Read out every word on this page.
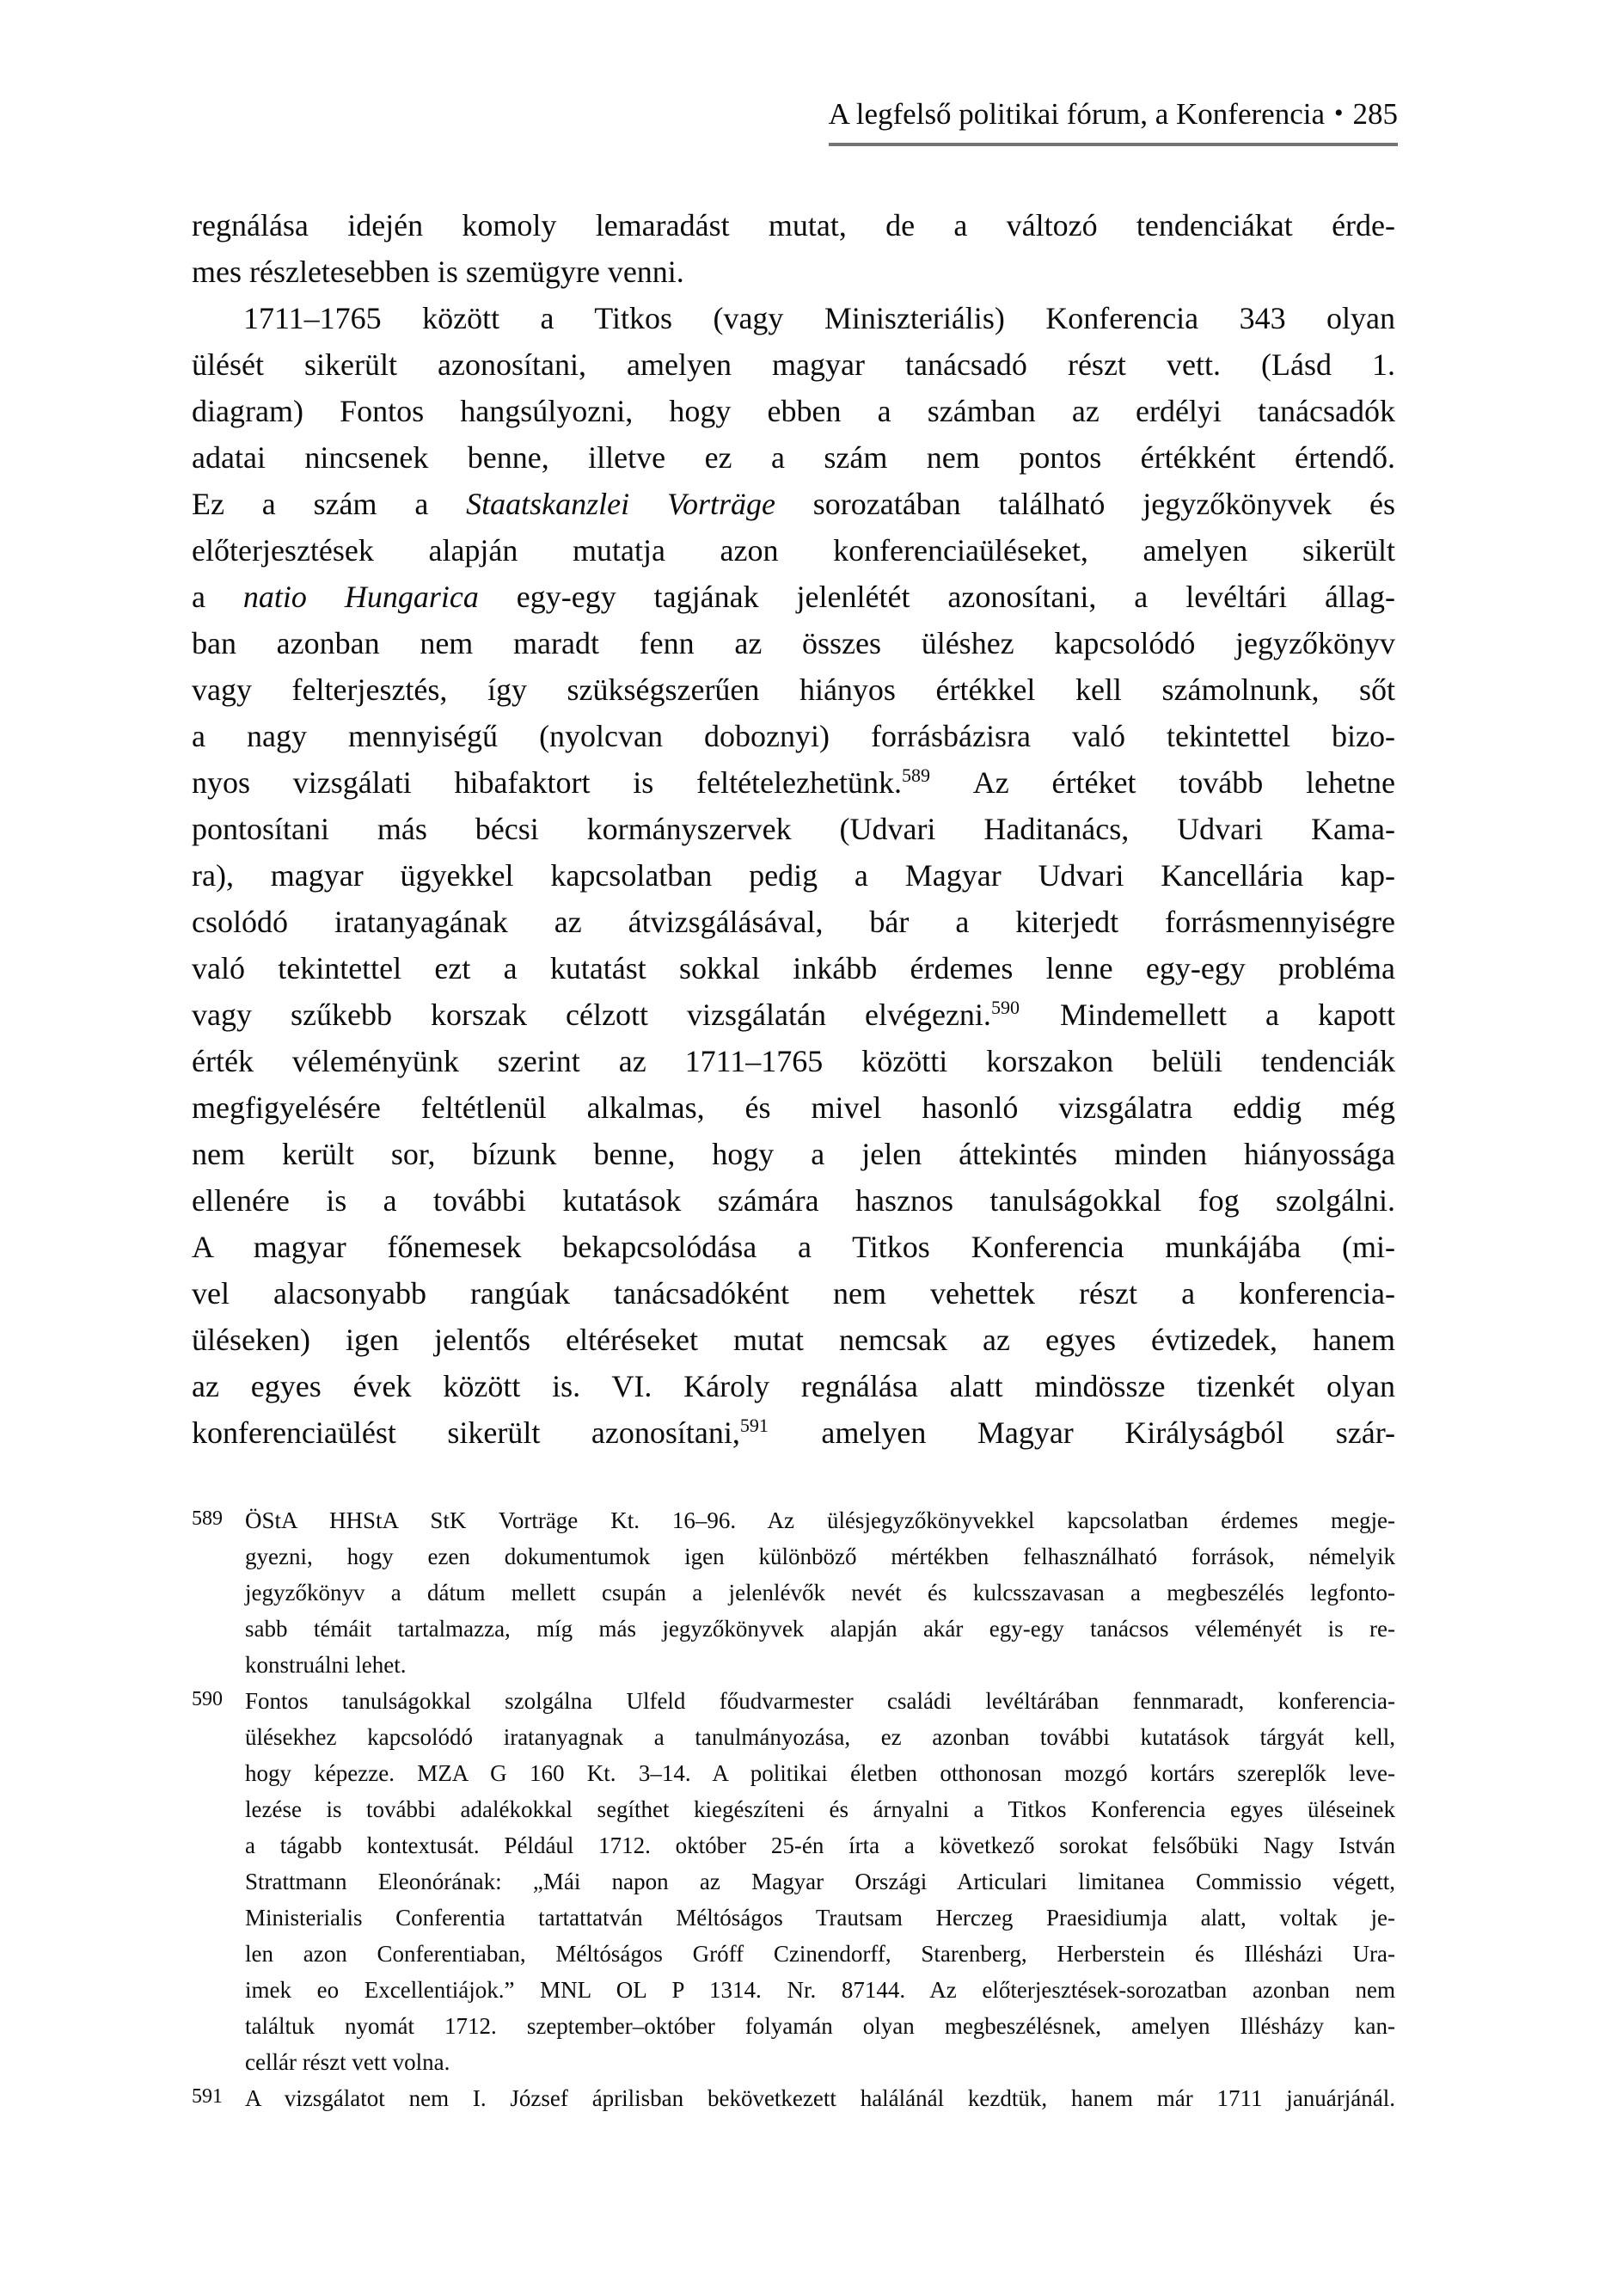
A legfelső politikai fórum, a Konferencia • 285
regnálása idején komoly lemaradást mutat, de a változó tendenciákat érde-
mes részletesebben is szemügyre venni.
1711–1765 között a Titkos (vagy Miniszteriális) Konferencia 343 olyan
ülését sikerült azonosítani, amelyen magyar tanácsadó részt vett. (Lásd 1.
diagram) Fontos hangsúlyozni, hogy ebben a számban az erdélyi tanácsadók
adatai nincsenek benne, illetve ez a szám nem pontos értékként értendő.
Ez a szám a Staatskanzlei Vorträge sorozatában található jegyzőkönyvek és
előterjesztések alapján mutatja azon konferenciaüléseket, amelyen sikerült
a natio Hungarica egy-egy tagjának jelenlétét azonosítani, a levéltári állag-
ban azonban nem maradt fenn az összes üléshez kapcsolódó jegyzőkönyv
vagy felterjesztés, így szükségszerűen hiányos értékkel kell számolnunk, sőt
a nagy mennyiségű (nyolcvan doboznyi) forrásbázisra való tekintettel bizo-
nyos vizsgálati hibafaktort is feltételezhetünk.$^{589}$ Az értéket tovább lehetne
pontosítani más bécsi kormányszervek (Udvari Haditanács, Udvari Kama-
ra), magyar ügyekkel kapcsolatban pedig a Magyar Udvari Kancellária kap-
csolódó iratanyagának az átvizsgálásával, bár a kiterjedt forrásmennyiségre
való tekintettel ezt a kutatást sokkal inkább érdemes lenne egy-egy probléma
vagy szűkebb korszak célzott vizsgálatán elvégezni.$^{590}$ Mindemellett a kapott
érték véleményünk szerint az 1711–1765 közötti korszakon belüli tendenciák
megfigyelésére feltétlenül alkalmas, és mivel hasonló vizsgálatra eddig még
nem került sor, bízunk benne, hogy a jelen áttekintés minden hiányossága
ellenére is a további kutatások számára hasznos tanulságokkal fog szolgálni.
A magyar főnemesek bekapcsolódása a Titkos Konferencia munkájába (mi-
vel alacsonyabb rangúak tanácsadóként nem vehettek részt a konferencia-
üléseken) igen jelentős eltéréseket mutat nemcsak az egyes évtizedek, hanem
az egyes évek között is. VI. Károly regnálása alatt mindössze tizenkét olyan
konferenciaülést sikerült azonosítani,$^{591}$ amelyen Magyar Királyságból szár-
589 ÖStA HHStA StK Vorträge Kt. 16–96. Az ülésjegyzőkönyvekkel kapcsolatban érdemes megje-
gyezni, hogy ezen dokumentumok igen különböző mértékben felhasználható források, némelyik
jegyzőkönyv a dátum mellett csupán a jelenlévők nevét és kulcsszavasan a megbeszélés legfonto-
sabb témáit tartalmazza, míg más jegyzőkönyvek alapján akár egy-egy tanácsos véleményét is re-
konstruálni lehet.
590 Fontos tanulságokkal szolgálna Ulfeld főudvarmester családi levéltárában fennmaradt, konferencia-
ülésekhez kapcsolódó iratanyagnak a tanulmányozása, ez azonban további kutatások tárgyát kell,
hogy képezze. MZA G 160 Kt. 3–14. A politikai életben otthonosan mozgó kortárs szereplők leve-
lezése is további adalékokkal segíthet kiegészíteni és árnyalni a Titkos Konferencia egyes üléseinek
a tágabb kontextusát. Például 1712. október 25-én írta a következő sorokat felsőbüki Nagy István
Strattmann Eleonórának: „Mái napon az Magyar Országi Articulari limitanea Commissio végett,
Ministerialis Conferentia tartattatván Méltóságos Trautsam Herczeg Praesidiumja alatt, voltak je-
len azon Conferentiaban, Méltóságos Gróff Czinendorff, Starenberg, Herberstein és Illésházi Ura-
imek eo Excellentiájok.” MNL OL P 1314. Nr. 87144. Az előterjesztések-sorozatban azonban nem
találtuk nyomát 1712. szeptember–október folyamán olyan megbeszélésnek, amelyen Illésházy kan-
cellár részt vett volna.
591 A vizsgálatot nem I. József áprilisban bekövetkezett halálánál kezdtük, hanem már 1711 januárjánál.
